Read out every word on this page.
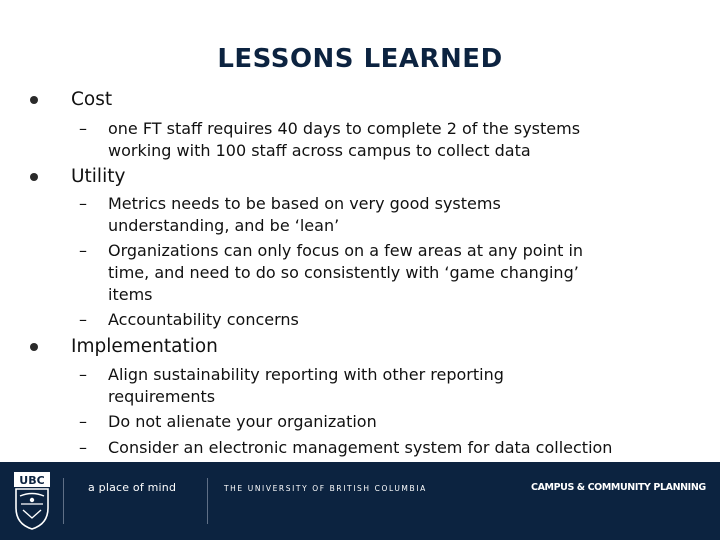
LESSONS LEARNED
Cost
– one FT staff requires 40 days to complete 2 of the systems
working with 100 staff across campus to collect data
Utility
– Metrics needs to be based on very good systems
understanding, and be ‘lean’
– Organizations can only focus on a few areas at any point in
time, and need to do so consistently with ‘game changing’
items
– Accountability concerns
Implementation
– Align sustainability reporting with other reporting
requirements
– Do not alienate your organization
– Consider an electronic management system for data collection
UBC
a place of mind	THE UNIVERSITY OF BRITISH COLUMBIA	CAMPUS & COMMUNITY PLANNING
